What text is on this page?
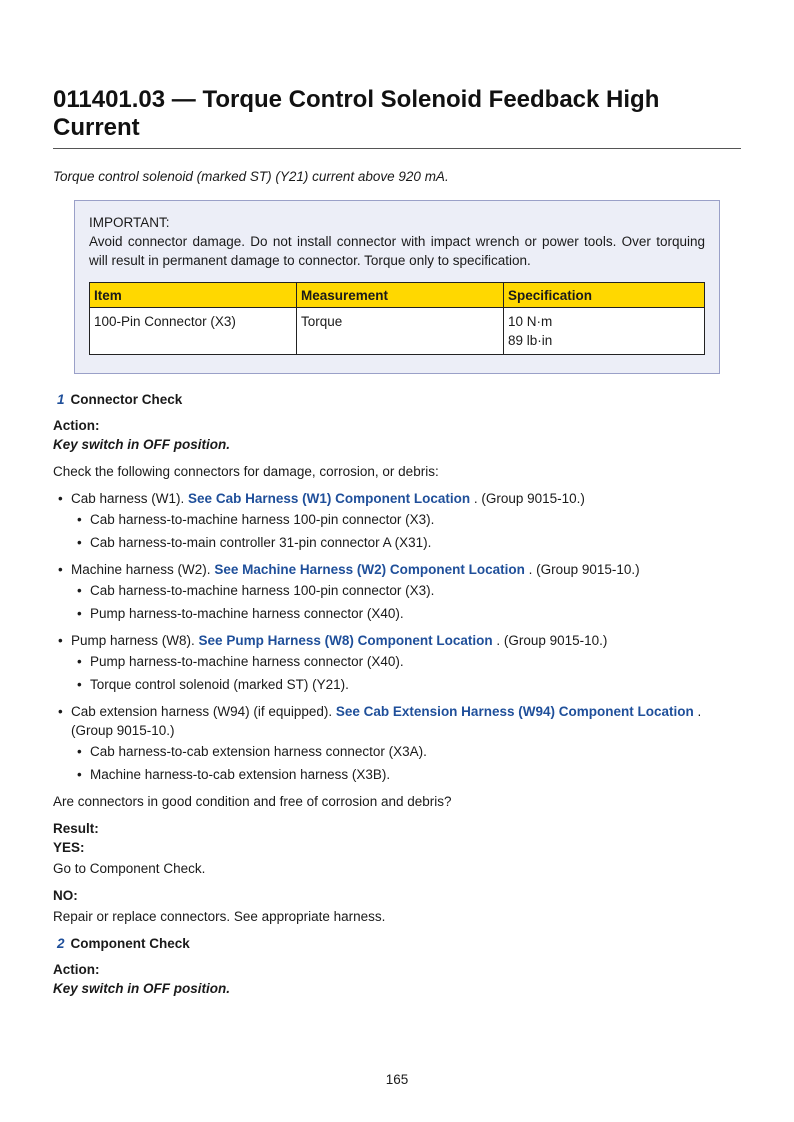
011401.03 — Torque Control Solenoid Feedback High Current
Torque control solenoid (marked ST) (Y21) current above 920 mA.
IMPORTANT:
Avoid connector damage. Do not install connector with impact wrench or power tools. Over torquing will result in permanent damage to connector. Torque only to specification.
Item	Measurement	Specification
100-Pin Connector (X3)	Torque	10 N·m
89 lb·in
1 Connector Check
Action:
Key switch in OFF position.
Check the following connectors for damage, corrosion, or debris:
• Cab harness (W1). See Cab Harness (W1) Component Location . (Group 9015-10.)
• Cab harness-to-machine harness 100-pin connector (X3).
• Cab harness-to-main controller 31-pin connector A (X31).
• Machine harness (W2). See Machine Harness (W2) Component Location . (Group 9015-10.)
• Cab harness-to-machine harness 100-pin connector (X3).
• Pump harness-to-machine harness connector (X40).
• Pump harness (W8). See Pump Harness (W8) Component Location . (Group 9015-10.)
• Pump harness-to-machine harness connector (X40).
• Torque control solenoid (marked ST) (Y21).
• Cab extension harness (W94) (if equipped). See Cab Extension Harness (W94) Component Location . (Group 9015-10.)
• Cab harness-to-cab extension harness connector (X3A).
• Machine harness-to-cab extension harness (X3B).
Are connectors in good condition and free of corrosion and debris?
Result:
YES:
Go to Component Check.
NO:
Repair or replace connectors. See appropriate harness.
2 Component Check
Action:
Key switch in OFF position.
165
